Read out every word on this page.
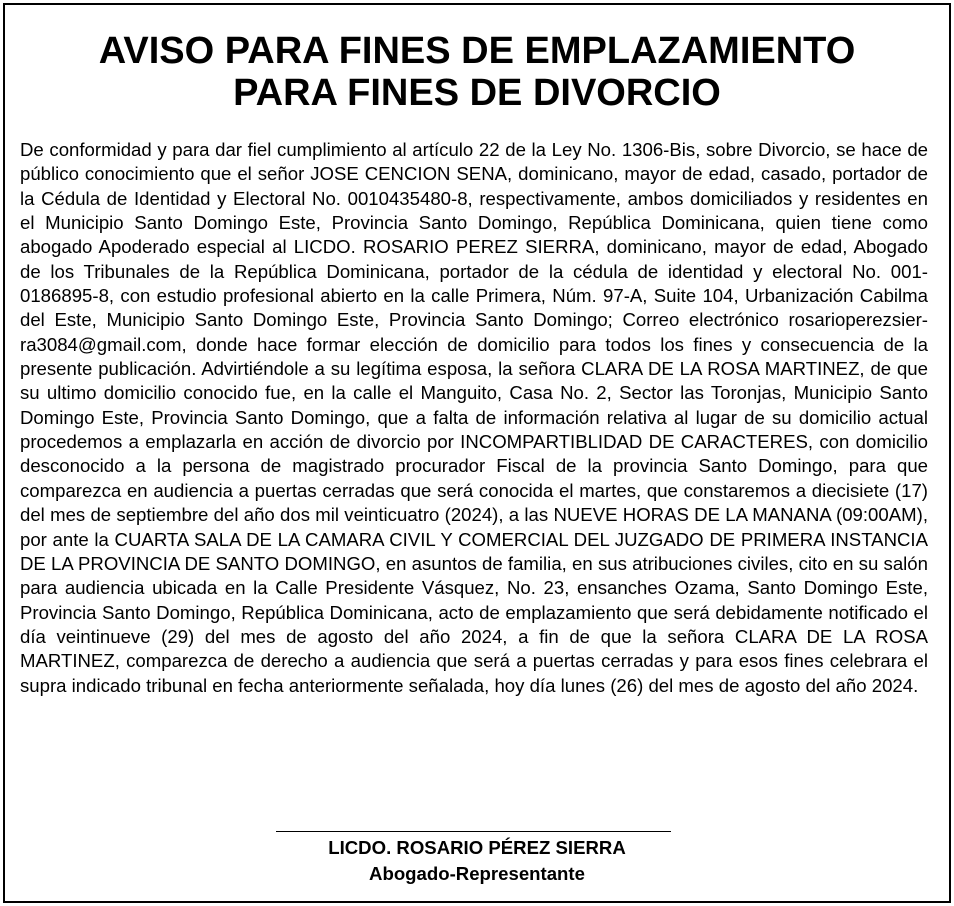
AVISO PARA FINES DE EMPLAZAMIENTO
PARA FINES DE DIVORCIO

De conformidad y para dar fiel cumplimiento al artículo 22 de la Ley No. 1306-Bis, sobre Divorcio, se hace de público conocimiento que el señor JOSE CENCION SENA, dominicano, mayor de edad, casado, portador de la Cédula de Identidad y Electoral No. 0010435480-8, respectivamente, ambos domiciliados y residentes en el Municipio Santo Domingo Este, Provincia Santo Domingo, República Dominicana, quien tiene como abogado Apoderado especial al LICDO. ROSARIO PEREZ SIERRA, dominicano, mayor de edad, Abogado de los Tribunales de la República Dominicana, portador de la cédula de identidad y electoral No. 001-0186895-8, con estudio profesional abierto en la calle Primera, Núm. 97-A, Suite 104, Urbanización Cabilma del Este, Municipio Santo Domingo Este, Provincia Santo Domingo; Correo electrónico rosarioperezsier-ra3084@gmail.com, donde hace formar elección de domicilio para todos los fines y consecuencia de la presente publicación. Advirtiéndole a su legítima esposa, la señora CLARA DE LA ROSA MARTINEZ, de que su ultimo domicilio conocido fue, en la calle el Manguito, Casa No. 2, Sector las Toronjas, Municipio Santo Domingo Este, Provincia Santo Domingo, que a falta de información relativa al lugar de su domicilio actual procedemos a emplazarla en acción de divorcio por INCOMPARTIBLIDAD DE CARACTERES, con domicilio desconocido a la persona de magistrado procurador Fiscal de la provincia Santo Domingo, para que comparezca en audiencia a puertas cerradas que será conocida el martes, que constaremos a diecisiete (17) del mes de septiembre del año dos mil veinticuatro (2024), a las NUEVE HORAS DE LA MANANA (09:00AM), por ante la CUARTA SALA DE LA CAMARA CIVIL Y COMERCIAL DEL JUZGADO DE PRIMERA INSTANCIA DE LA PROVINCIA DE SANTO DOMINGO, en asuntos de familia, en sus atribuciones civiles, cito en su salón para audiencia ubicada en la Calle Presidente Vásquez, No. 23, ensanches Ozama, Santo Domingo Este, Provincia Santo Domingo, República Dominicana, acto de emplazamiento que será debidamente notificado el día veintinueve (29) del mes de agosto del año 2024, a fin de que la señora CLARA DE LA ROSA MARTINEZ, comparezca de derecho a audiencia que será a puertas cerradas y para esos fines celebrara el supra indicado tribunal en fecha anteriormente señalada, hoy día lunes (26) del mes de agosto del año 2024.

LICDO. ROSARIO PÉREZ SIERRA
Abogado-Representante
